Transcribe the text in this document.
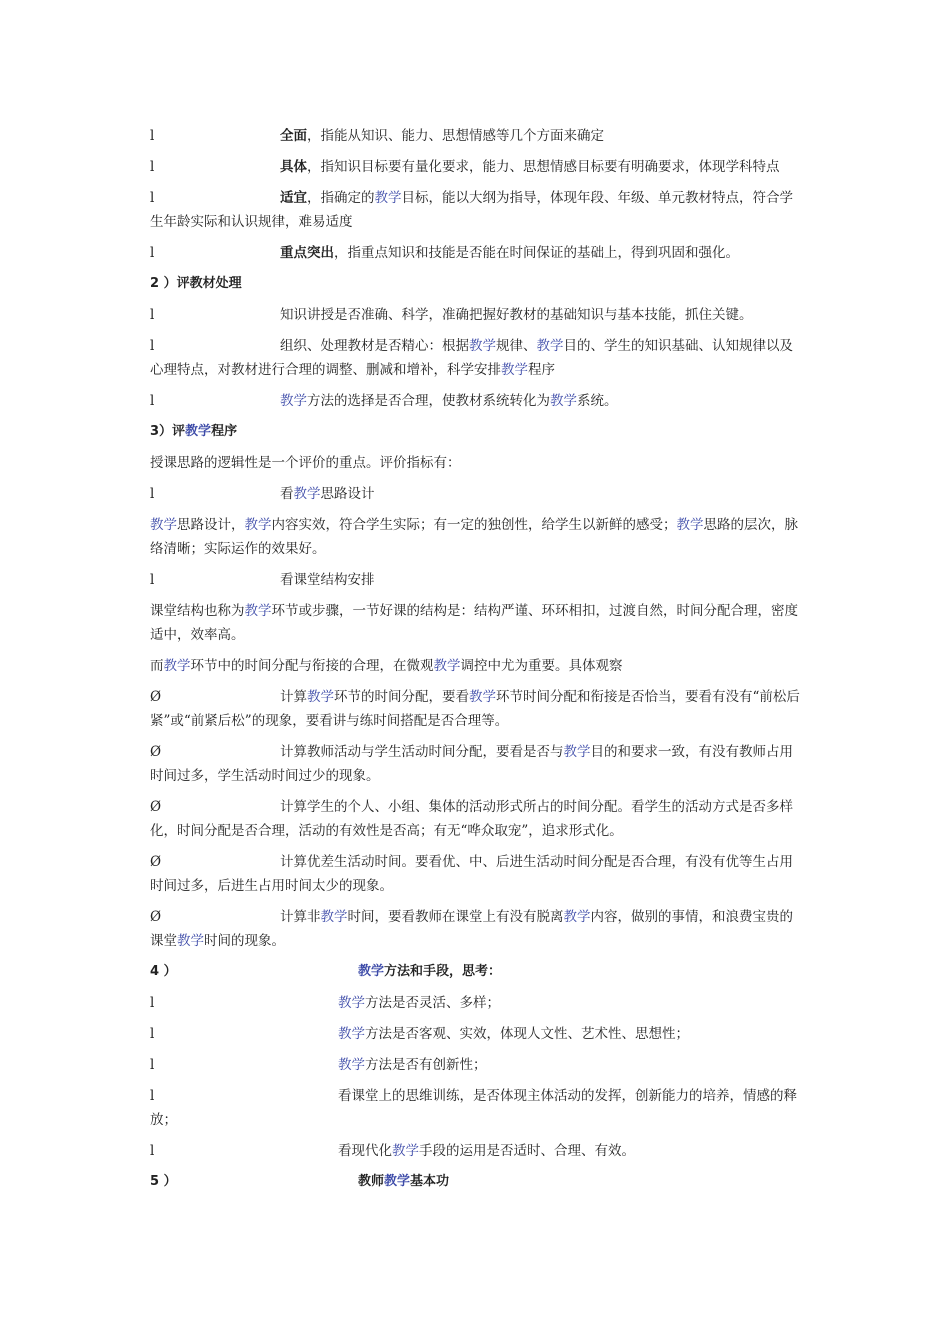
l	全面，指能从知识、能力、思想情感等几个方面来确定

l	具体，指知识目标要有量化要求，能力、思想情感目标要有明确要求，体现学科特点

l	适宜，指确定的教学目标，能以大纲为指导，体现年段、年级、单元教材特点，符合学生年龄实际和认识规律，难易适度

l	重点突出，指重点知识和技能是否能在时间保证的基础上，得到巩固和强化。

2 ）评教材处理

l	知识讲授是否准确、科学，准确把握好教材的基础知识与基本技能，抓住关键。

l	组织、处理教材是否精心：根据教学规律、教学目的、学生的知识基础、认知规律以及心理特点，对教材进行合理的调整、删减和增补，科学安排教学程序

l	教学方法的选择是否合理，使教材系统转化为教学系统。

3）评教学程序

授课思路的逻辑性是一个评价的重点。评价指标有：

l	看教学思路设计

教学思路设计，教学内容实效，符合学生实际；有一定的独创性，给学生以新鲜的感受；教学思路的层次，脉络清晰；实际运作的效果好。

l	看课堂结构安排

课堂结构也称为教学环节或步骤，一节好课的结构是：结构严谨、环环相扣，过渡自然，时间分配合理，密度适中，效率高。

而教学环节中的时间分配与衔接的合理，在微观教学调控中尤为重要。具体观察

Ø	计算教学环节的时间分配，要看教学环节时间分配和衔接是否恰当，要看有没有“前松后紧”或“前紧后松”的现象，要看讲与练时间搭配是否合理等。

Ø	计算教师活动与学生活动时间分配，要看是否与教学目的和要求一致，有没有教师占用时间过多，学生活动时间过少的现象。

Ø	计算学生的个人、小组、集体的活动形式所占的时间分配。看学生的活动方式是否多样化，时间分配是否合理，活动的有效性是否高；有无“哗众取宠”，追求形式化。

Ø	计算优差生活动时间。要看优、中、后进生活动时间分配是否合理，有没有优等生占用时间过多，后进生占用时间太少的现象。

Ø	计算非教学时间，要看教师在课堂上有没有脱离教学内容，做别的事情，和浪费宝贵的课堂教学时间的现象。

4 ）	教学方法和手段，思考：

l	教学方法是否灵活、多样；

l	教学方法是否客观、实效，体现人文性、艺术性、思想性；

l	教学方法是否有创新性；

l	看课堂上的思维训练，是否体现主体活动的发挥，创新能力的培养，情感的释放；

l	看现代化教学手段的运用是否适时、合理、有效。

5 ）	教师教学基本功
